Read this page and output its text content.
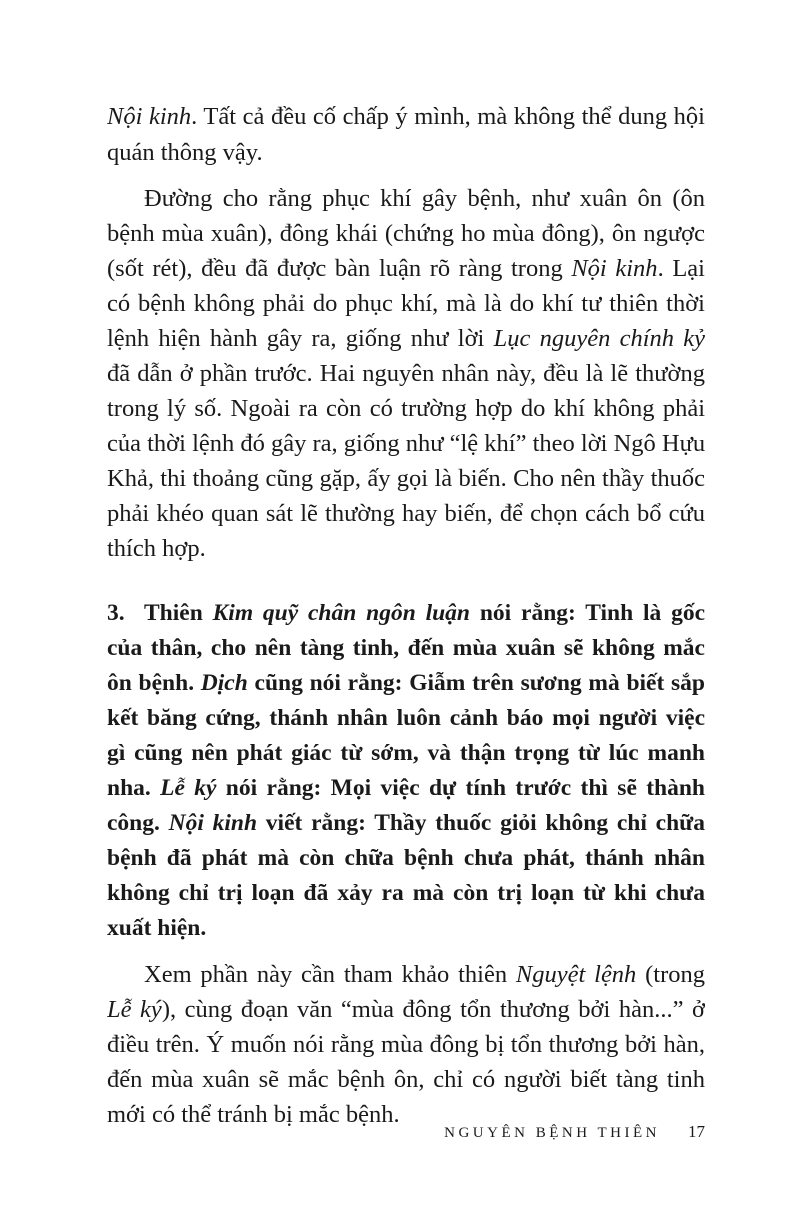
Nội kinh. Tất cả đều cố chấp ý mình, mà không thể dung hội
quán thông vậy.
Đường cho rằng phục khí gây bệnh, như xuân ôn (ôn
bệnh mùa xuân), đông khái (chứng ho mùa đông), ôn ngược
(sốt rét), đều đã được bàn luận rõ ràng trong Nội kinh. Lại
có bệnh không phải do phục khí, mà là do khí tư thiên thời
lệnh hiện hành gây ra, giống như lời Lục nguyên chính kỷ
đã dẫn ở phần trước. Hai nguyên nhân này, đều là lẽ thường
trong lý số. Ngoài ra còn có trường hợp do khí không phải
của thời lệnh đó gây ra, giống như “lệ khí” theo lời Ngô Hựu
Khả, thi thoảng cũng gặp, ấy gọi là biến. Cho nên thầy thuốc
phải khéo quan sát lẽ thường hay biến, để chọn cách bổ cứu
thích hợp.
3. Thiên Kim quỹ chân ngôn luận nói rằng: Tinh là gốc
của thân, cho nên tàng tinh, đến mùa xuân sẽ không mắc
ôn bệnh. Dịch cũng nói rằng: Giẫm trên sương mà biết sắp
kết băng cứng, thánh nhân luôn cảnh báo mọi người việc
gì cũng nên phát giác từ sớm, và thận trọng từ lúc manh
nha. Lễ ký nói rằng: Mọi việc dự tính trước thì sẽ thành
công. Nội kinh viết rằng: Thầy thuốc giỏi không chỉ chữa
bệnh đã phát mà còn chữa bệnh chưa phát, thánh nhân
không chỉ trị loạn đã xảy ra mà còn trị loạn từ khi chưa
xuất hiện.
Xem phần này cần tham khảo thiên Nguyệt lệnh (trong
Lễ ký), cùng đoạn văn “mùa đông tổn thương bởi hàn...” ở
điều trên. Ý muốn nói rằng mùa đông bị tổn thương bởi hàn,
đến mùa xuân sẽ mắc bệnh ôn, chỉ có người biết tàng tinh
mới có thể tránh bị mắc bệnh.
NGUYÊN BỆNH THIÊN 17
